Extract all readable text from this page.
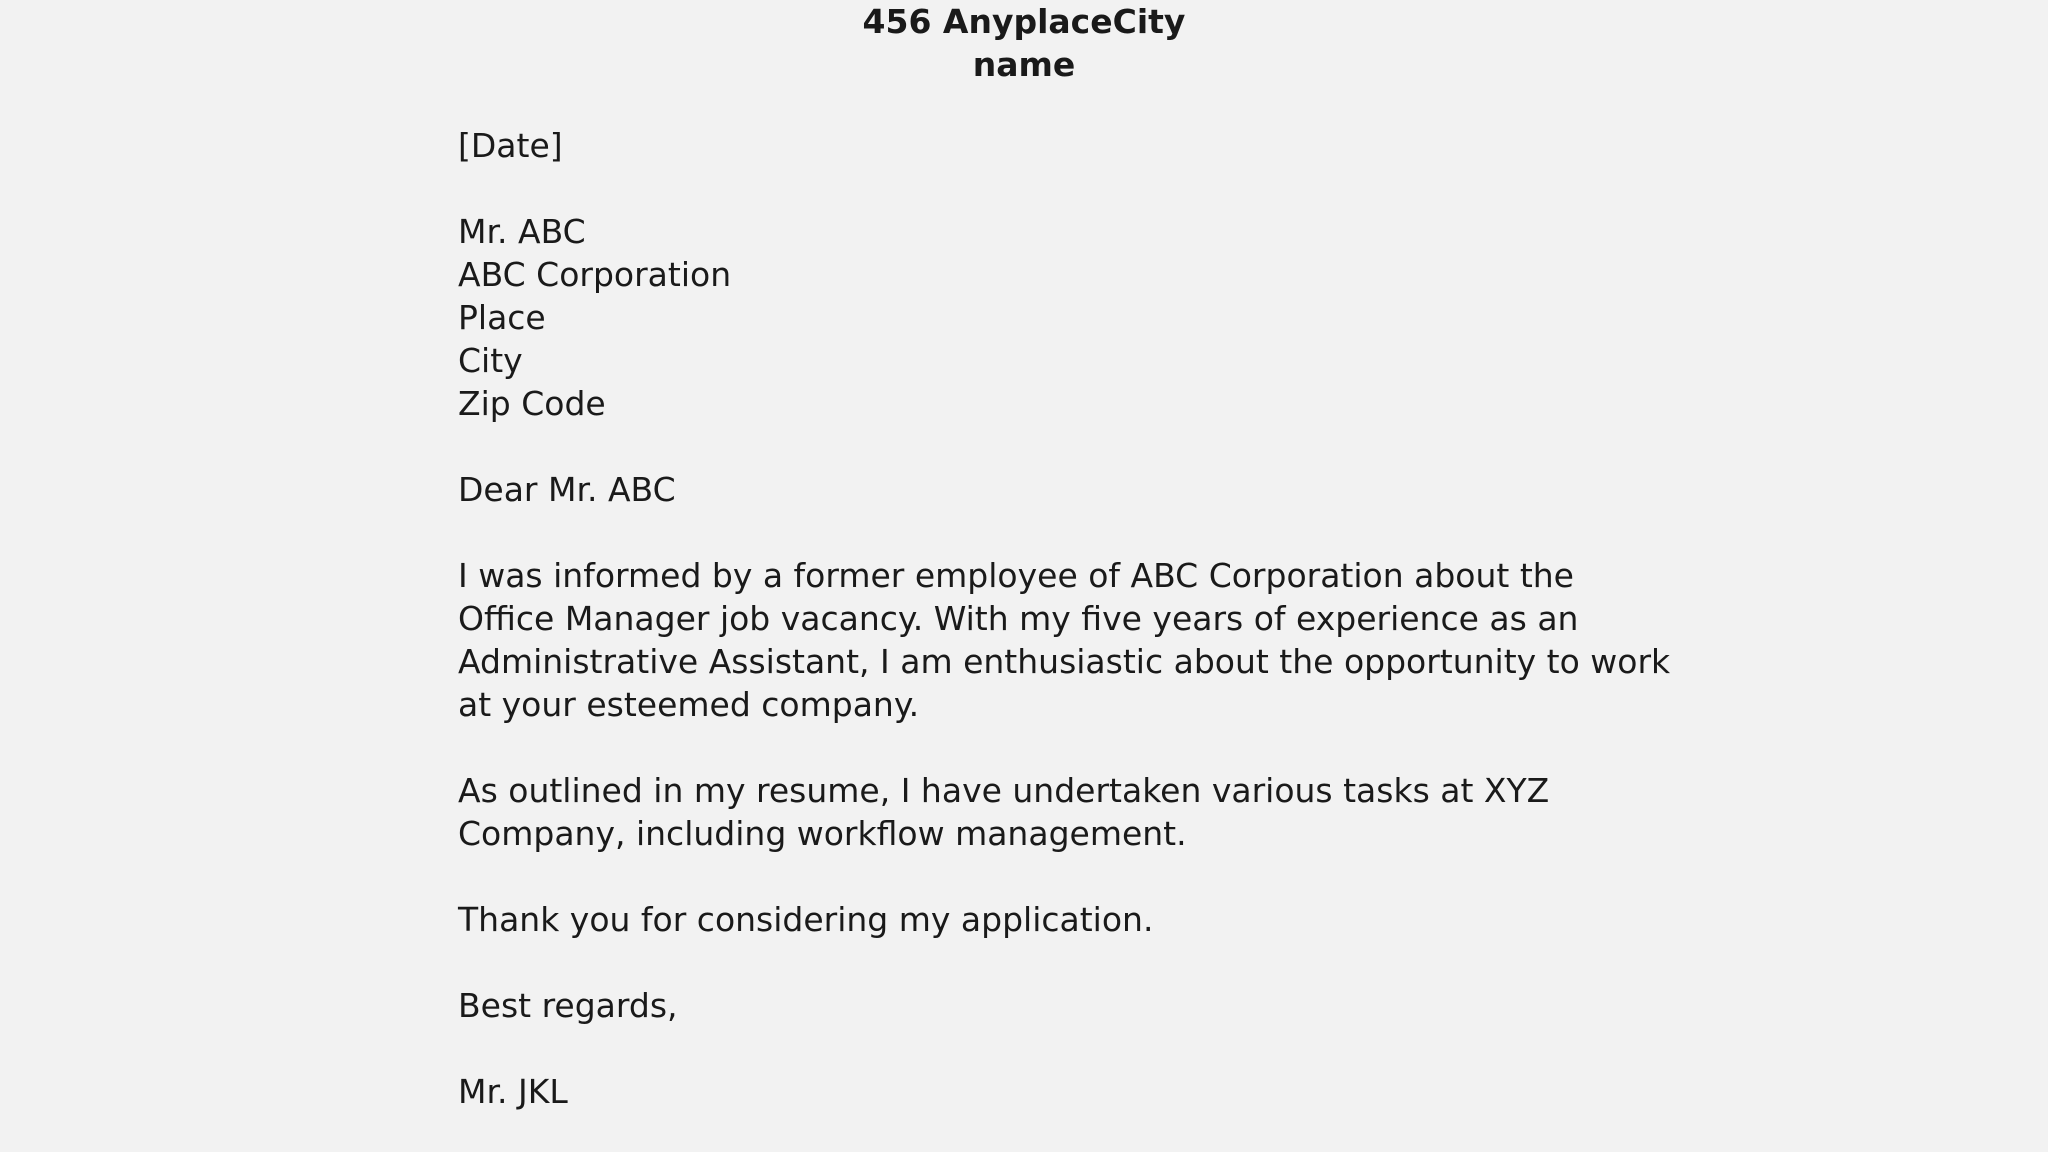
456 AnyplaceCity
name
[Date]
Mr. ABC
ABC Corporation
Place
City
Zip Code
Dear Mr. ABC
I was informed by a former employee of ABC Corporation about the
Office Manager job vacancy. With my five years of experience as an
Administrative Assistant, I am enthusiastic about the opportunity to work
at your esteemed company.
As outlined in my resume, I have undertaken various tasks at XYZ
Company, including workflow management.
Thank you for considering my application.
Best regards,
Mr. JKL
